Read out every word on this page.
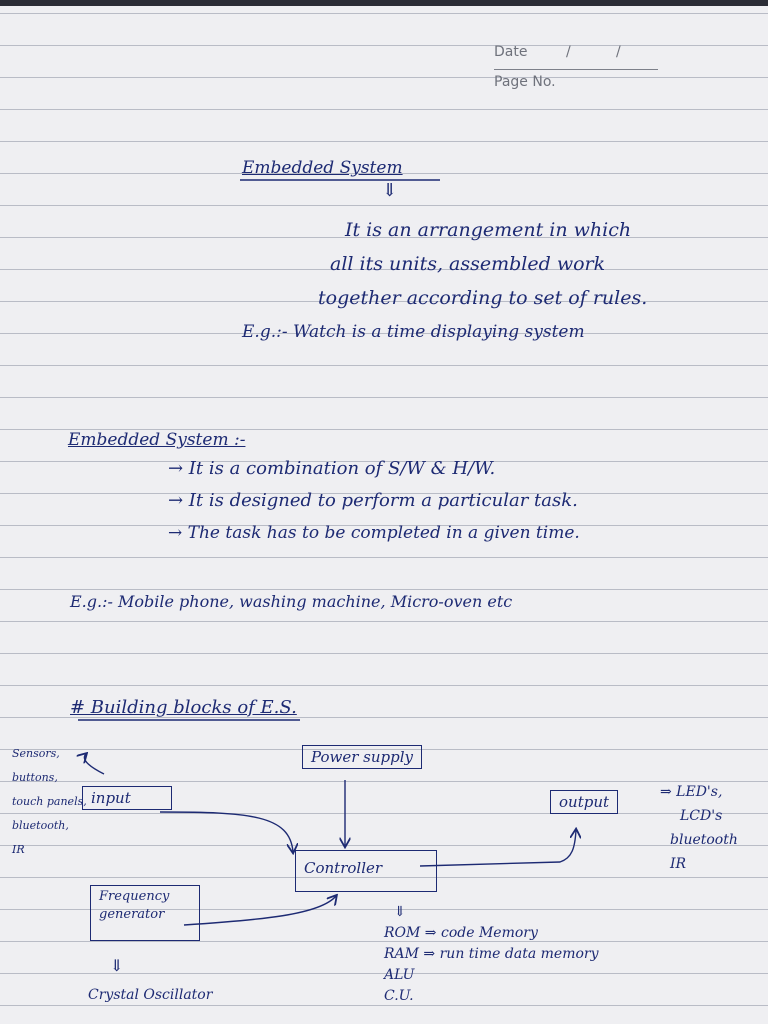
Date	/	/
Page No.
Embedded System
⇓
It is an arrangement in which
all its units, assembled work
together according to set of rules.
E.g.:- Watch is a time displaying system
Embedded System :-
→ It is a combination of S/W & H/W.
→ It is designed to perform a particular task.
→ The task has to be completed in a given time.
E.g.:- Mobile phone, washing machine, Micro-oven etc
# Building blocks of E.S.
Sensors,
buttons,
touch panels,
bluetooth,
IR
Power supply
input	output
Controller
Frequency generator
⇒ LED's,
LCD's
bluetooth
IR
⇓
ROM ⇒ code Memory
RAM ⇒ run time data memory
ALU
C.U.
⇓
Crystal Oscillator
